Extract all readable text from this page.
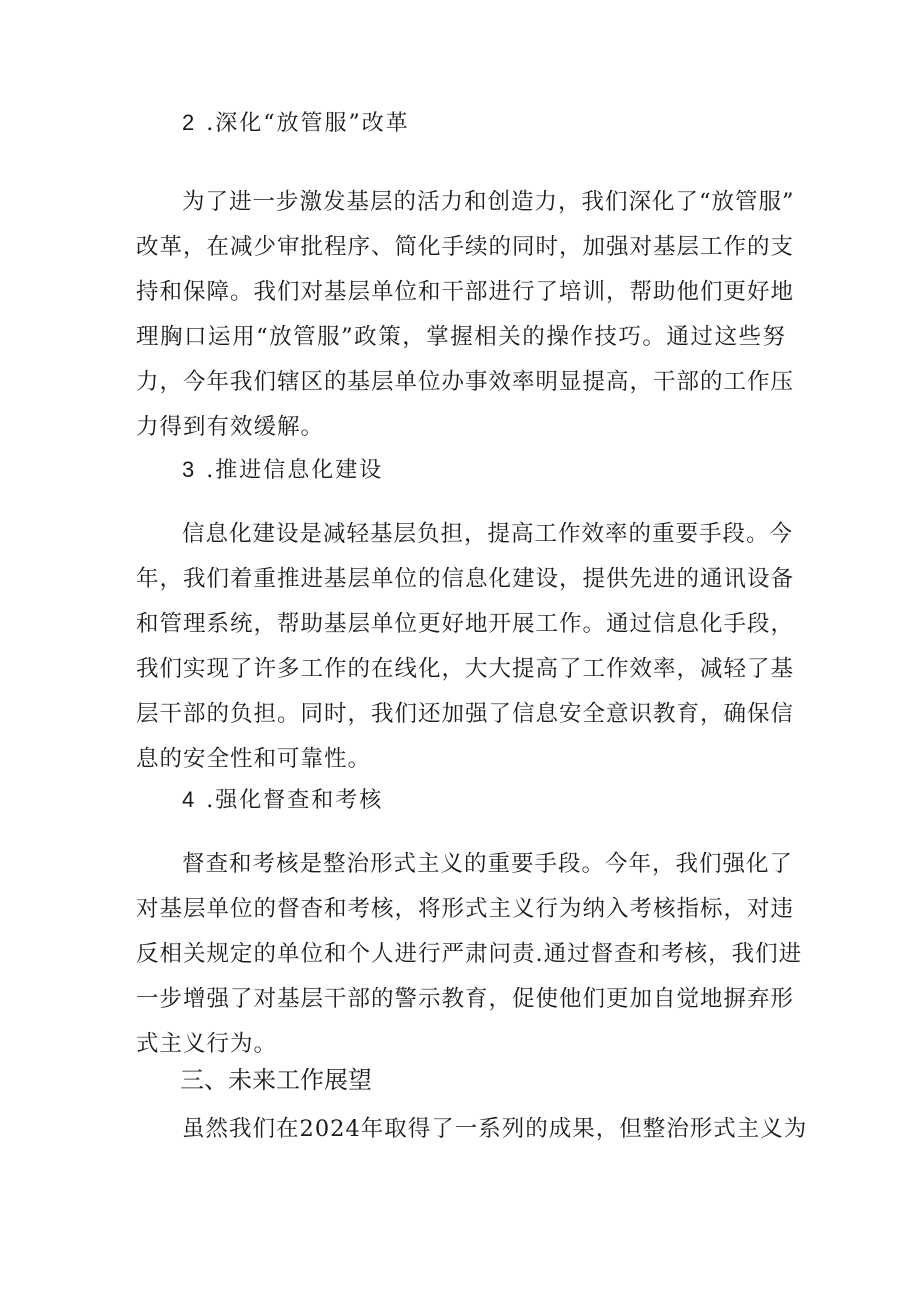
2 .深化“放管服”改革
为了进一步激发基层的活力和创造力，我们深化了“放管服”
改革，在减少审批程序、简化手续的同时，加强对基层工作的支
持和保障。我们对基层单位和干部进行了培训，帮助他们更好地
理胸口运用“放管服”政策，掌握相关的操作技巧。通过这些努
力，今年我们辖区的基层单位办事效率明显提高，干部的工作压
力得到有效缓解。
3 .推进信息化建设
信息化建设是减轻基层负担，提高工作效率的重要手段。今
年，我们着重推进基层单位的信息化建设，提供先进的通讯设备
和管理系统，帮助基层单位更好地开展工作。通过信息化手段，
我们实现了许多工作的在线化，大大提高了工作效率，减轻了基
层干部的负担。同时，我们还加强了信息安全意识教育，确保信
息的安全性和可靠性。
4 .强化督查和考核
督查和考核是整治形式主义的重要手段。今年，我们强化了
对基层单位的督杳和考核，将形式主义行为纳入考核指标，对违
反相关规定的单位和个人进行严肃问责.通过督查和考核，我们进
一步增强了对基层干部的警示教育，促使他们更加自觉地摒弃形
式主义行为。
三、未来工作展望
虽然我们在2024年取得了一系列的成果，但整治形式主义为
